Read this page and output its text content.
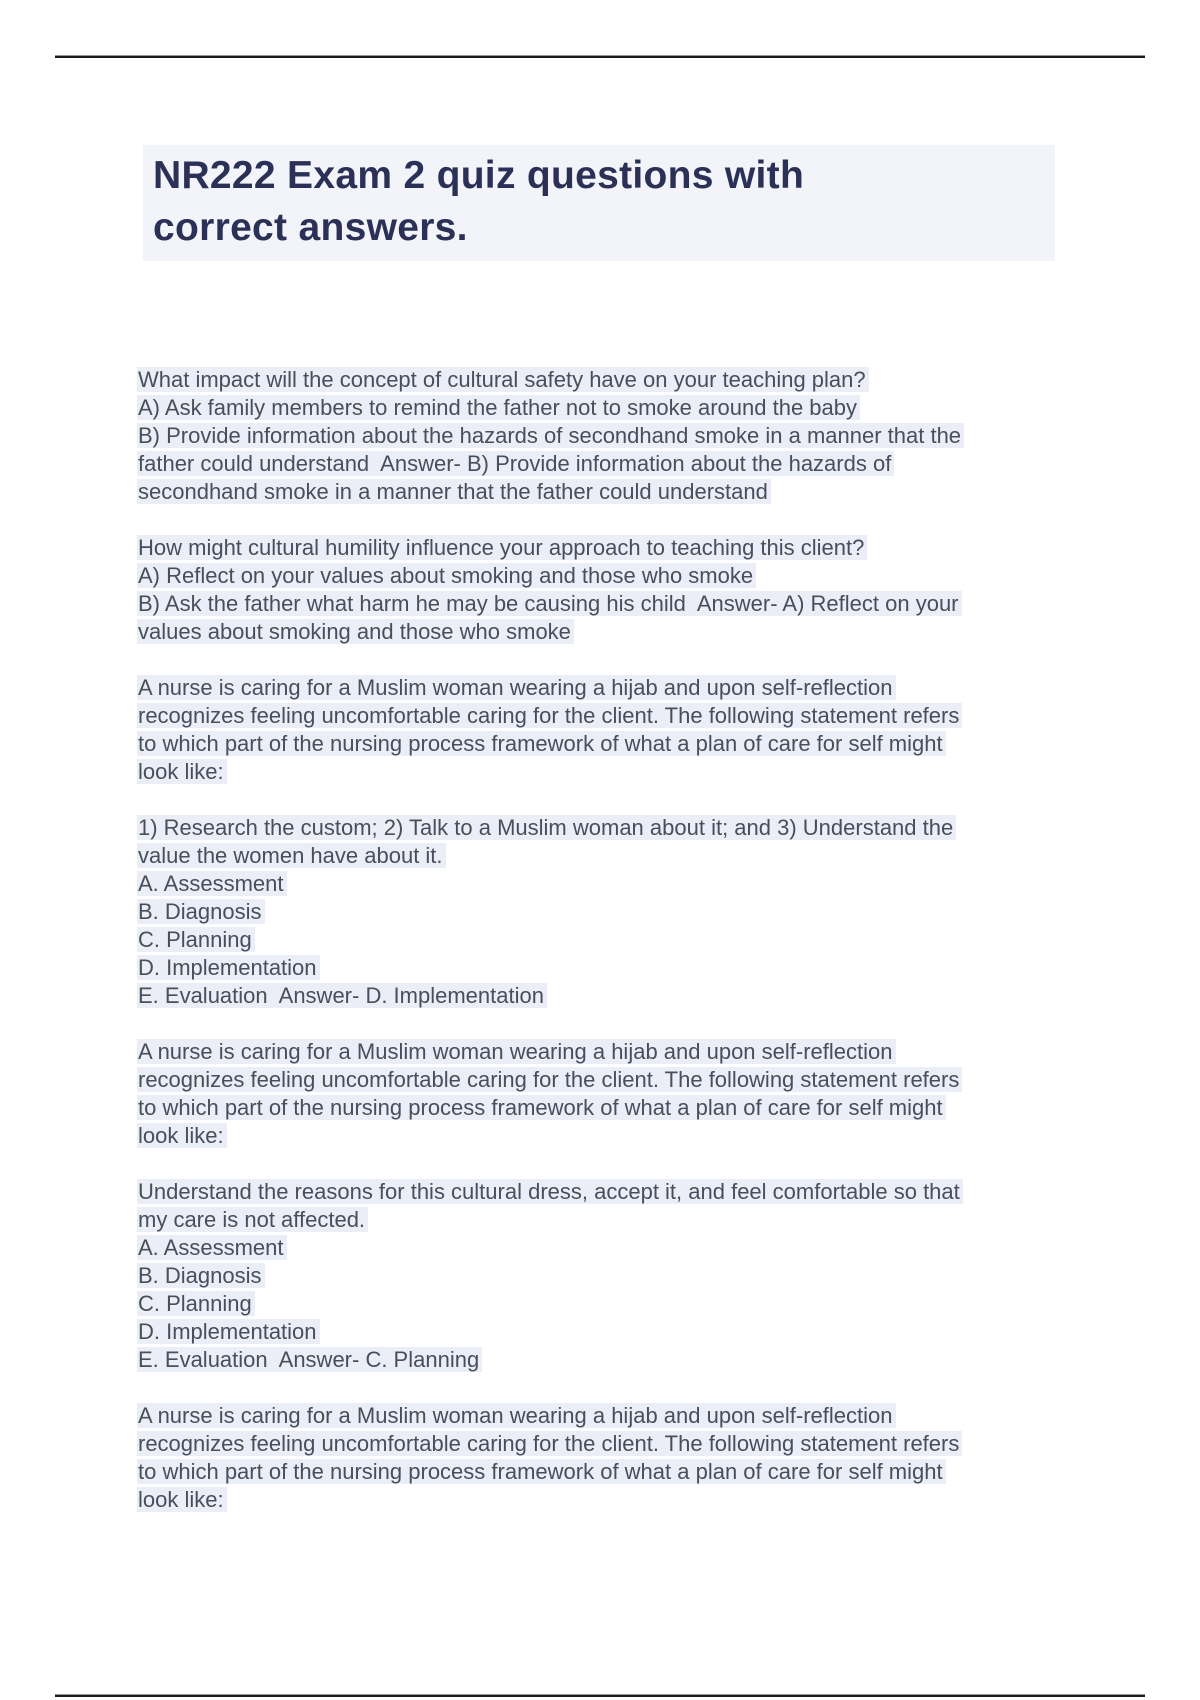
NR222 Exam 2 quiz questions with
correct answers.
What impact will the concept of cultural safety have on your teaching plan?
A) Ask family members to remind the father not to smoke around the baby
B) Provide information about the hazards of secondhand smoke in a manner that the
father could understand  Answer- B) Provide information about the hazards of
secondhand smoke in a manner that the father could understand
How might cultural humility influence your approach to teaching this client?
A) Reflect on your values about smoking and those who smoke
B) Ask the father what harm he may be causing his child  Answer- A) Reflect on your
values about smoking and those who smoke
A nurse is caring for a Muslim woman wearing a hijab and upon self-reflection
recognizes feeling uncomfortable caring for the client. The following statement refers
to which part of the nursing process framework of what a plan of care for self might
look like:
1) Research the custom; 2) Talk to a Muslim woman about it; and 3) Understand the
value the women have about it.
A. Assessment
B. Diagnosis
C. Planning
D. Implementation
E. Evaluation  Answer- D. Implementation
A nurse is caring for a Muslim woman wearing a hijab and upon self-reflection
recognizes feeling uncomfortable caring for the client. The following statement refers
to which part of the nursing process framework of what a plan of care for self might
look like:
Understand the reasons for this cultural dress, accept it, and feel comfortable so that
my care is not affected.
A. Assessment
B. Diagnosis
C. Planning
D. Implementation
E. Evaluation  Answer- C. Planning
A nurse is caring for a Muslim woman wearing a hijab and upon self-reflection
recognizes feeling uncomfortable caring for the client. The following statement refers
to which part of the nursing process framework of what a plan of care for self might
look like:
